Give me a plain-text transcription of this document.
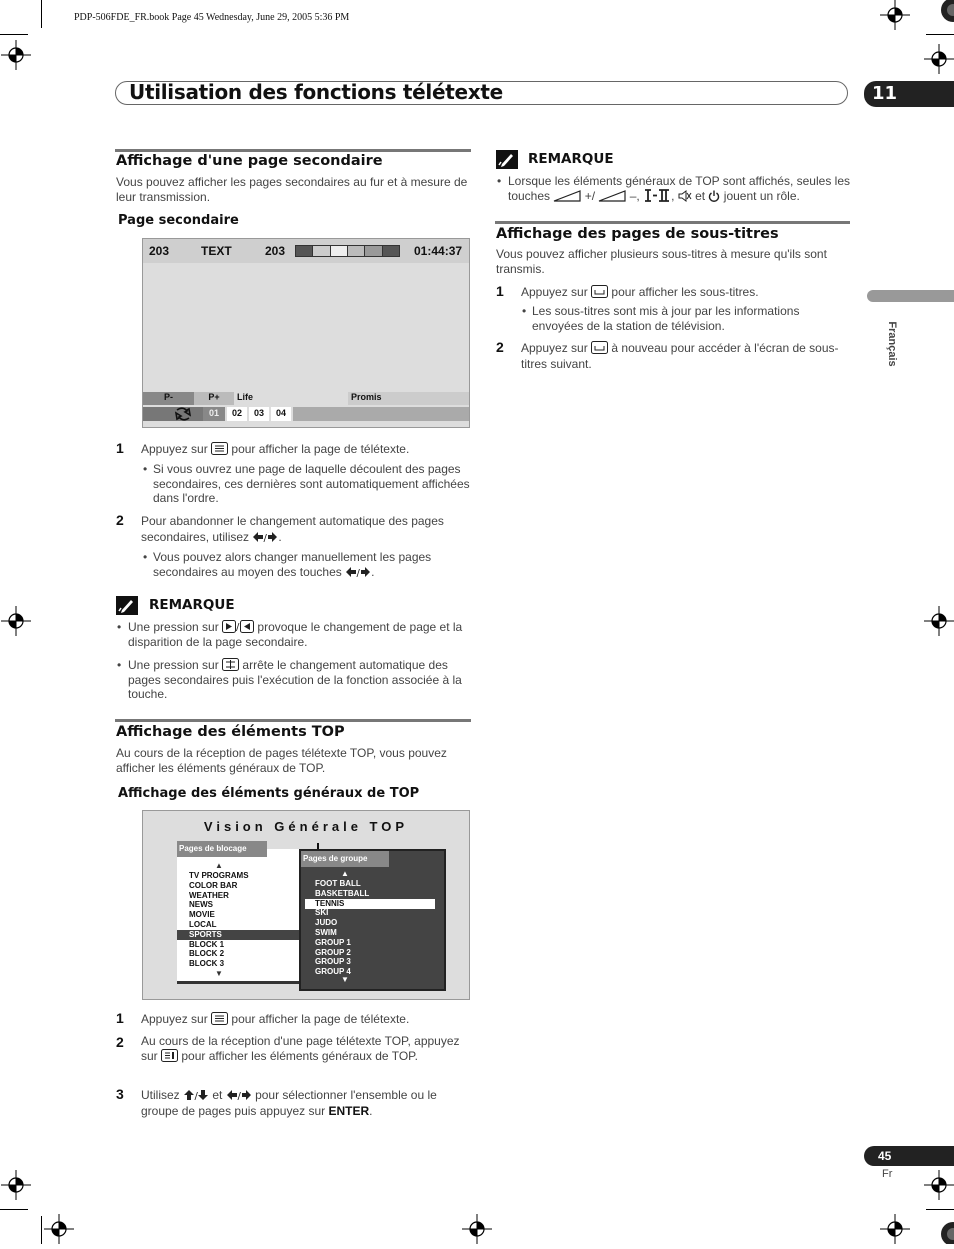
PDP-506FDE_FR.book Page 45 Wednesday, June 29, 2005 5:36 PM
Utilisation des fonctions télétexte	11
Français
Affichage d'une page secondaire
Vous pouvez afficher les pages secondaires au fur et à mesure de leur transmission.
Page secondaire
203	TEXT	203	01:44:37
P-	P+	Life	Promis
01	02	03	04
1 Appuyez sur pour afficher la page de télétexte.
• Si vous ouvrez une page de laquelle découlent des pages secondaires, ces dernières sont automatiquement affichées dans l'ordre.
2 Pour abandonner le changement automatique des pages secondaires, utilisez / .
• Vous pouvez alors changer manuellement les pages secondaires au moyen des touches / .
REMARQUE
• Une pression sur / provoque le changement de page et la disparition de la page secondaire.
• Une pression sur arrête le changement automatique des pages secondaires puis l'exécution de la fonction associée à la touche.
Affichage des éléments TOP
Au cours de la réception de pages télétexte TOP, vous pouvez afficher les éléments généraux de TOP.
Affichage des éléments généraux de TOP
Vision Générale TOP
Pages de blocage
▲
TV PROGRAMS
COLOR BAR
WEATHER
NEWS
MOVIE
LOCAL
SPORTS
BLOCK 1
BLOCK 2
BLOCK 3
▼
Pages de groupe
▲
FOOT BALL
BASKETBALL
TENNIS
SKI
JUDO
SWIM
GROUP 1
GROUP 2
GROUP 3
GROUP 4
▼
1 Appuyez sur pour afficher la page de télétexte.
2 Au cours de la réception d'une page télétexte TOP, appuyez sur pour afficher les éléments généraux de TOP.
3 Utilisez / et / pour sélectionner l'ensemble ou le groupe de pages puis appuyez sur ENTER.
REMARQUE
• Lorsque les éléments généraux de TOP sont affichés, seules les touches	+/
–,
,
et jouent un rôle.
Affichage des pages de sous-titres
Vous pouvez afficher plusieurs sous-titres à mesure qu'ils sont transmis.
1 Appuyez sur pour afficher les sous-titres.
• Les sous-titres sont mis à jour par les informations envoyées de la station de télévision.
2 Appuyez sur à nouveau pour accéder à l'écran de sous-titres suivant.
45
Fr
